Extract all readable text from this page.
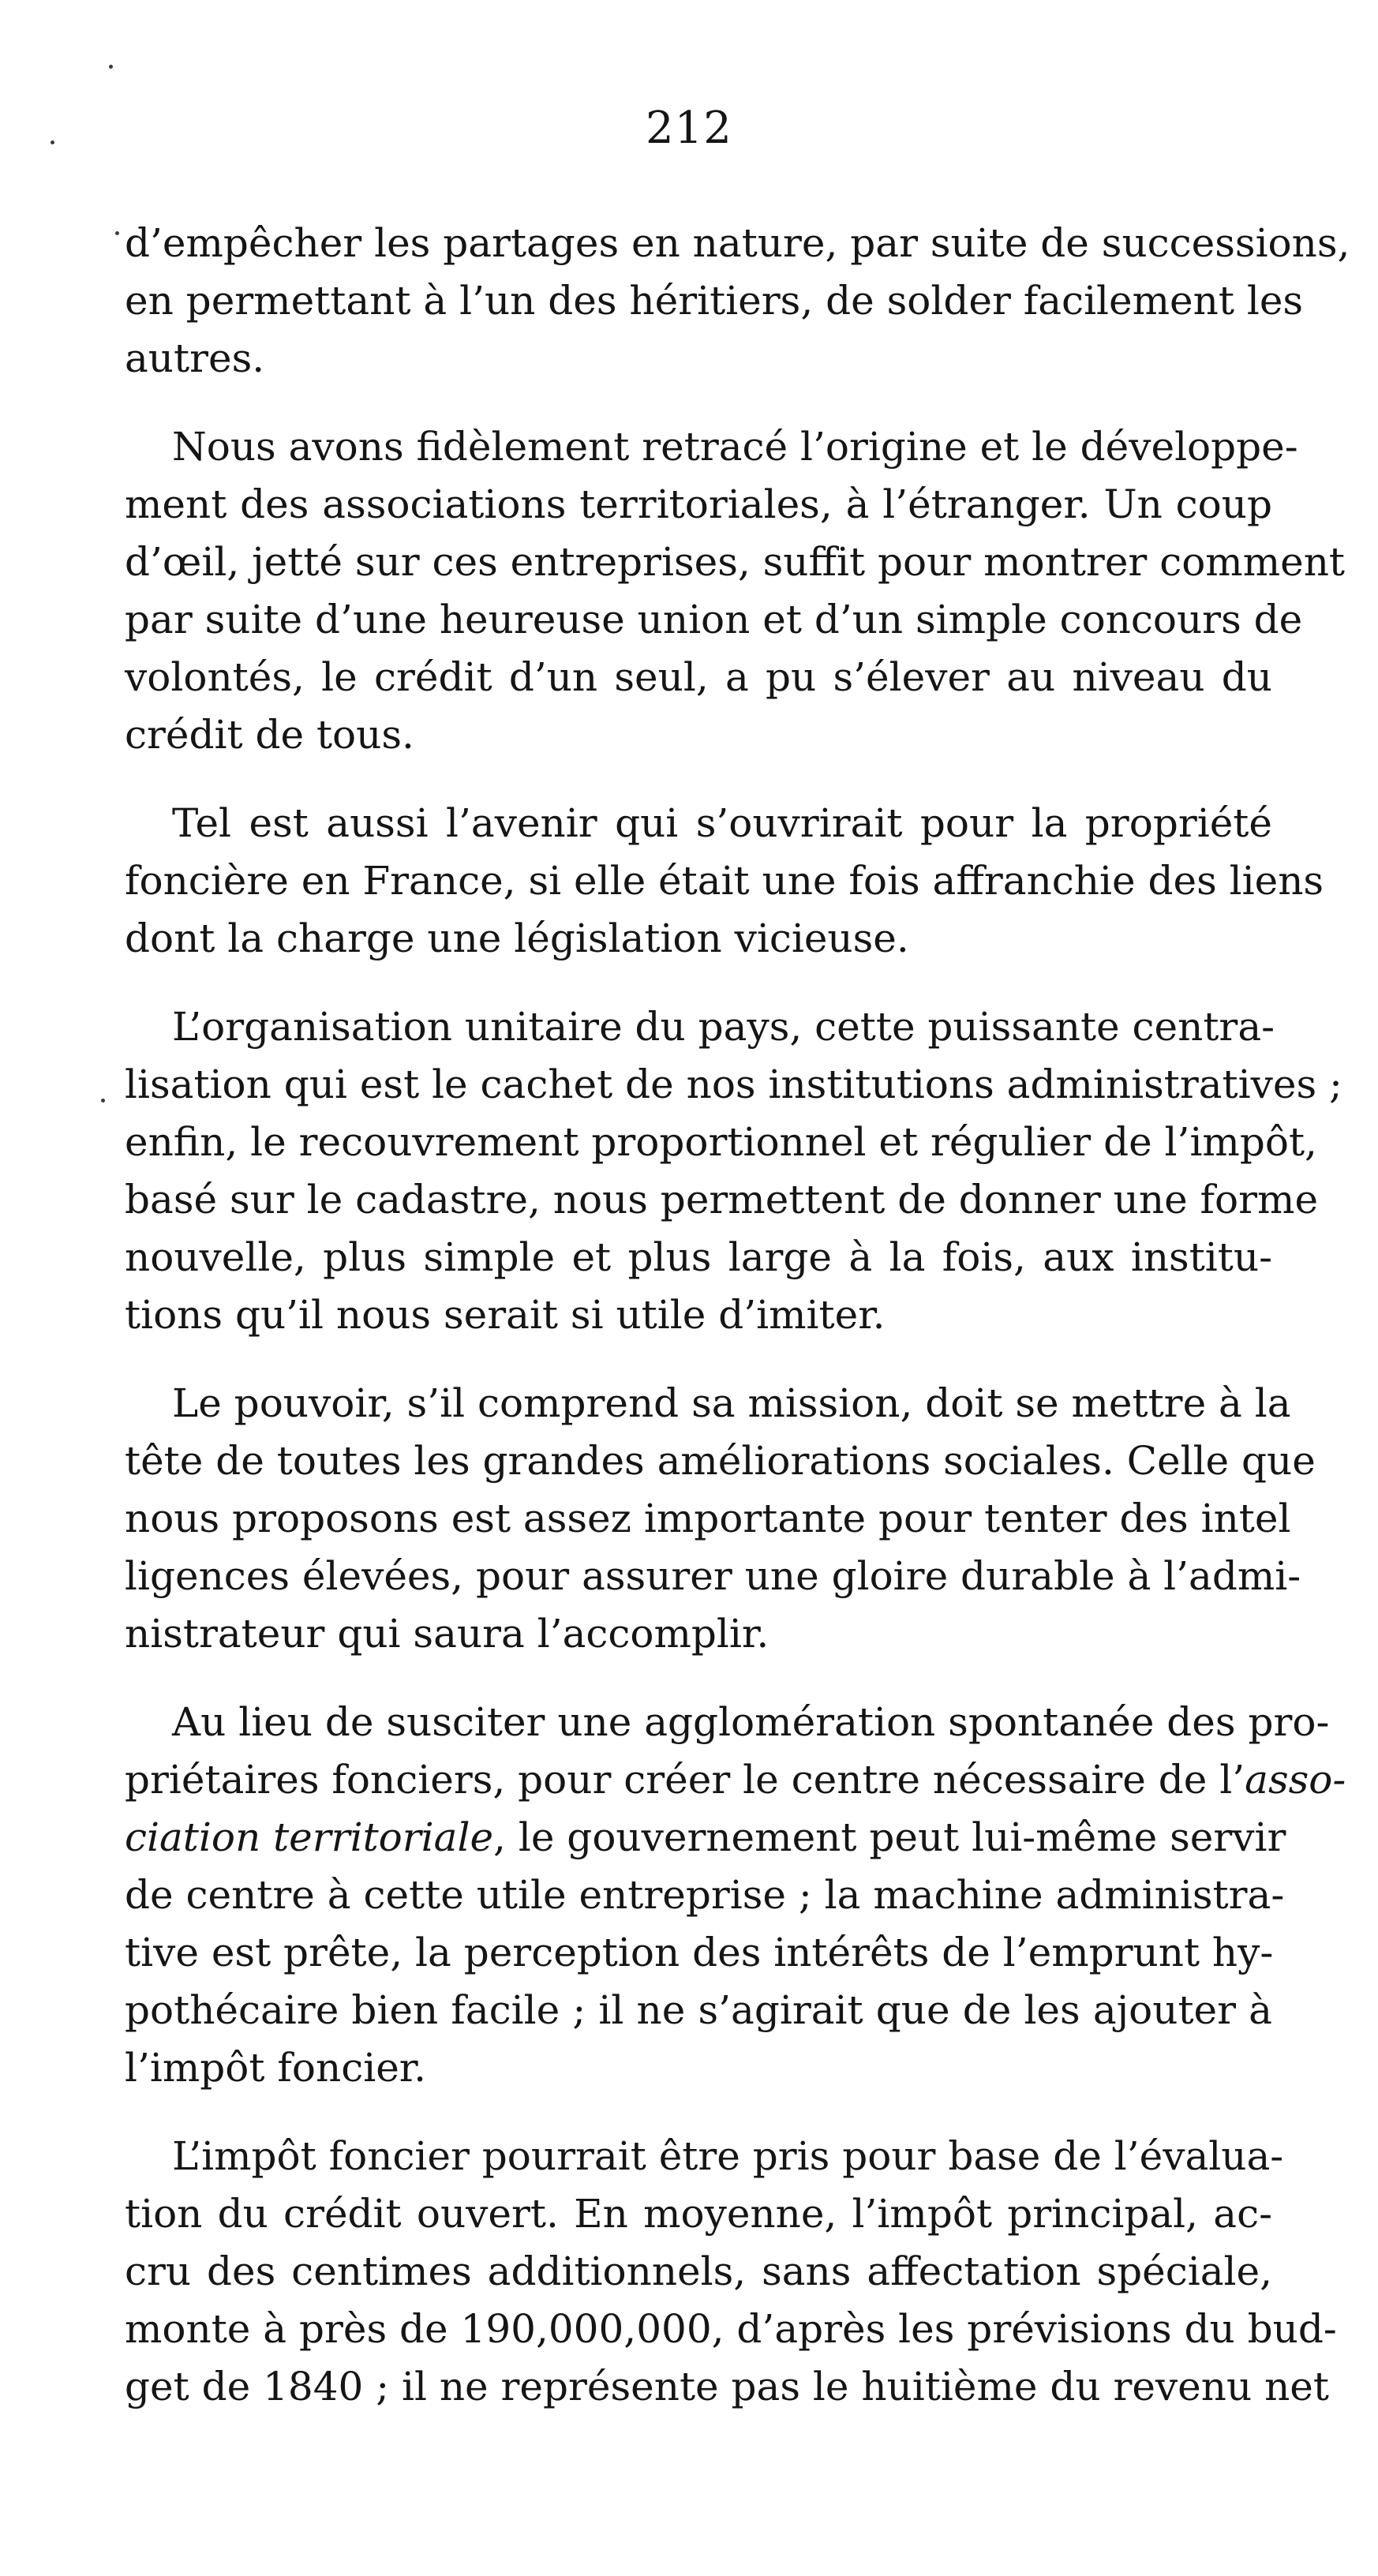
212

d’empêcher les partages en nature, par suite de successions,
en permettant à l’un des héritiers, de solder facilement les
autres.

Nous avons fidèlement retracé l’origine et le développe-
ment des associations territoriales, à l’étranger. Un coup
d’œil, jetté sur ces entreprises, suffit pour montrer comment
par suite d’une heureuse union et d’un simple concours de
volontés, le crédit d’un seul, a pu s’élever au niveau du
crédit de tous.

Tel est aussi l’avenir qui s’ouvrirait pour la propriété
foncière en France, si elle était une fois affranchie des liens
dont la charge une législation vicieuse.

L’organisation unitaire du pays, cette puissante centra-
lisation qui est le cachet de nos institutions administratives ;
enfin, le recouvrement proportionnel et régulier de l’impôt,
basé sur le cadastre, nous permettent de donner une forme
nouvelle, plus simple et plus large à la fois, aux institu-
tions qu’il nous serait si utile d’imiter.

Le pouvoir, s’il comprend sa mission, doit se mettre à la
tête de toutes les grandes améliorations sociales. Celle que
nous proposons est assez importante pour tenter des intel
ligences élevées, pour assurer une gloire durable à l’admi-
nistrateur qui saura l’accomplir.

Au lieu de susciter une agglomération spontanée des pro-
priétaires fonciers, pour créer le centre nécessaire de l’asso-
ciation territoriale, le gouvernement peut lui-même servir
de centre à cette utile entreprise ; la machine administra-
tive est prête, la perception des intérêts de l’emprunt hy-
pothécaire bien facile ; il ne s’agirait que de les ajouter à
l’impôt foncier.

L’impôt foncier pourrait être pris pour base de l’évalua-
tion du crédit ouvert. En moyenne, l’impôt principal, ac-
cru des centimes additionnels, sans affectation spéciale,
monte à près de 190,000,000, d’après les prévisions du bud-
get de 1840 ; il ne représente pas le huitième du revenu net
